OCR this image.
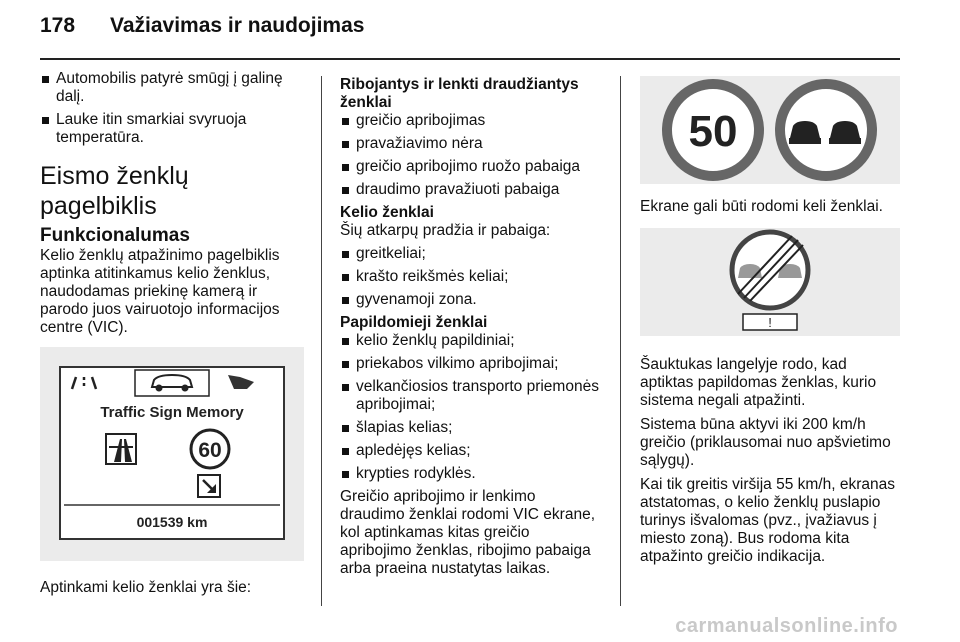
178 Važiavimas ir naudojimas
Automobilis patyrė smūgį į galinę dalį.
Lauke itin smarkiai svyruoja temperatūra.
Eismo ženklų pagelbiklis
Funkcionalumas

Kelio ženklų atpažinimo pagelbiklis aptinka atitinkamus kelio ženklus, naudodamas priekinę kamerą ir parodo juos vairuotojo informacijos centre (VIC).

Traffic Sign Memory
60
001539 km

Aptinkami kelio ženklai yra šie:

Ribojantys ir lenkti draudžiantys ženklai
greičio apribojimas
pravažiavimo nėra
greičio apribojimo ruožo pabaiga
draudimo pravažiuoti pabaiga
Kelio ženklai

Šių atkarpų pradžia ir pabaiga:

greitkeliai;
krašto reikšmės keliai;
gyvenamoji zona.
Papildomieji ženklai
kelio ženklų papildiniai;
priekabos vilkimo apribojimai;
velkančiosios transporto priemonės apribojimai;
šlapias kelias;
apledėjęs kelias;
krypties rodyklės.

Greičio apribojimo ir lenkimo draudimo ženklai rodomi VIC ekrane, kol aptinkamas kitas greičio apribojimo ženklas, ribojimo pabaiga arba praeina nustatytas laikas.

50

Ekrane gali būti rodomi keli ženklai.

!

Šauktukas langelyje rodo, kad aptiktas papildomas ženklas, kurio sistema negali atpažinti.

Sistema būna aktyvi iki 200 km/h greičio (priklausomai nuo apšvietimo sąlygų).

Kai tik greitis viršija 55 km/h, ekranas atstatomas, o kelio ženklų puslapio turinys išvalomas (pvz., įvažiavus į miesto zoną). Bus rodoma kita atpažinto greičio indikacija.

carmanualsonline.info
